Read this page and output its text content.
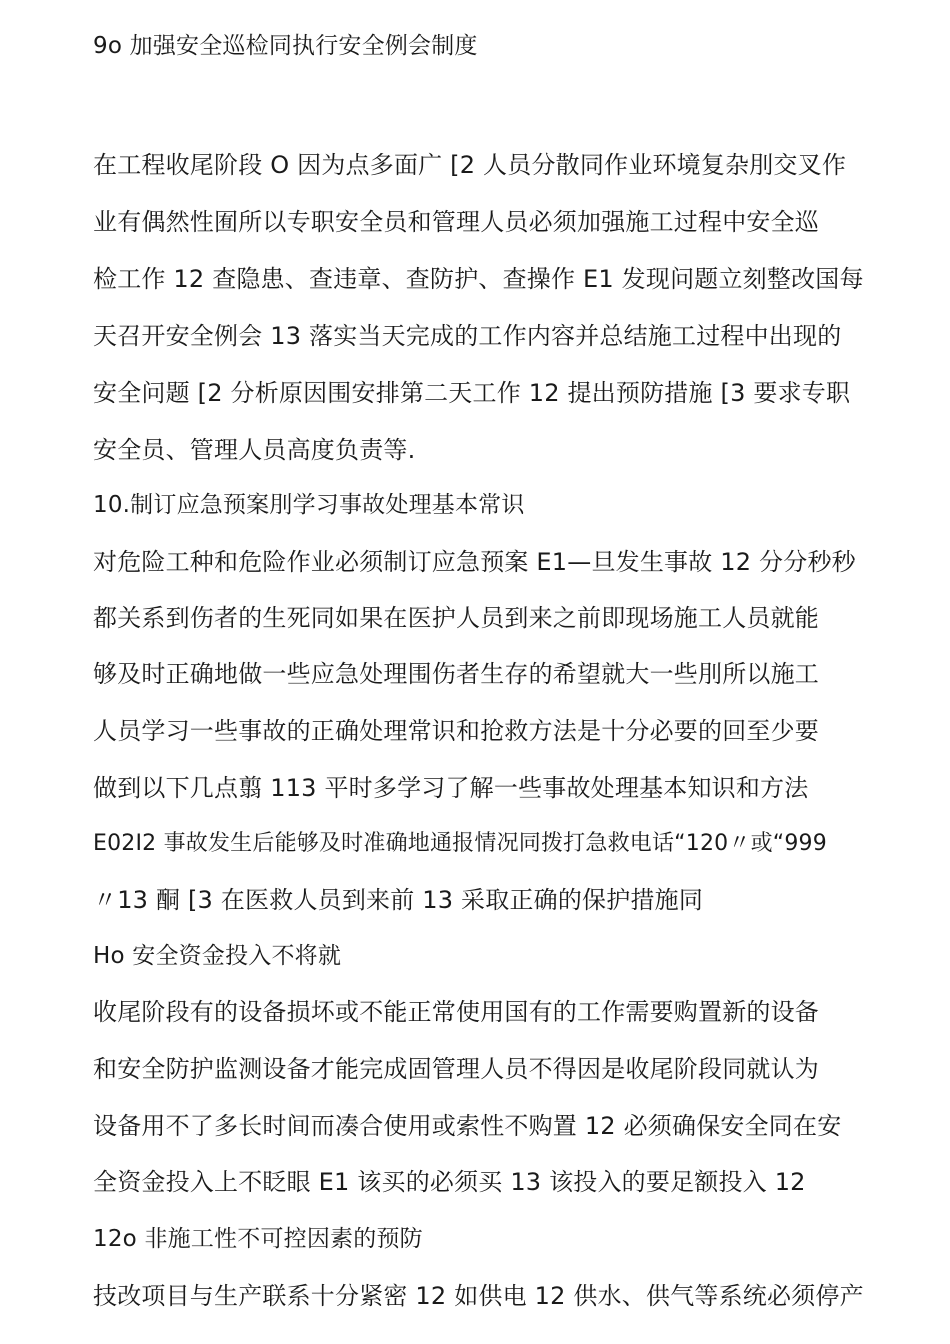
9o 加强安全巡检同执行安全例会制度
在工程收尾阶段 O 因为点多面广 [2 人员分散同作业环境复杂刖交叉作
业有偶然性囿所以专职安全员和管理人员必须加强施工过程中安全巡
检工作 12 查隐患、查违章、查防护、查操作 E1 发现问题立刻整改国每
天召开安全例会 13 落实当天完成的工作内容并总结施工过程中出现的
安全问题 [2 分析原因围安排第二天工作 12 提出预防措施 [3 要求专职
安全员、管理人员高度负责等.
10.制订应急预案刖学习事故处理基本常识
对危险工种和危险作业必须制订应急预案 E1—旦发生事故 12 分分秒秒
都关系到伤者的生死同如果在医护人员到来之前即现场施工人员就能
够及时正确地做一些应急处理围伤者生存的希望就大一些刖所以施工
人员学习一些事故的正确处理常识和抢救方法是十分必要的回至少要
做到以下几点翦 113 平时多学习了解一些事故处理基本知识和方法
E02I2 事故发生后能够及时准确地通报情况同拨打急救电话“120〃或“999
〃13 酮 [3 在医救人员到来前 13 采取正确的保护措施同
Ho 安全资金投入不将就
收尾阶段有的设备损坏或不能正常使用国有的工作需要购置新的设备
和安全防护监测设备才能完成固管理人员不得因是收尾阶段同就认为
设备用不了多长时间而凑合使用或索性不购置 12 必须确保安全同在安
全资金投入上不眨眼 E1 该买的必须买 13 该投入的要足额投入 12
12o 非施工性不可控因素的预防
技改项目与生产联系十分紧密 12 如供电 12 供水、供气等系统必须停产
